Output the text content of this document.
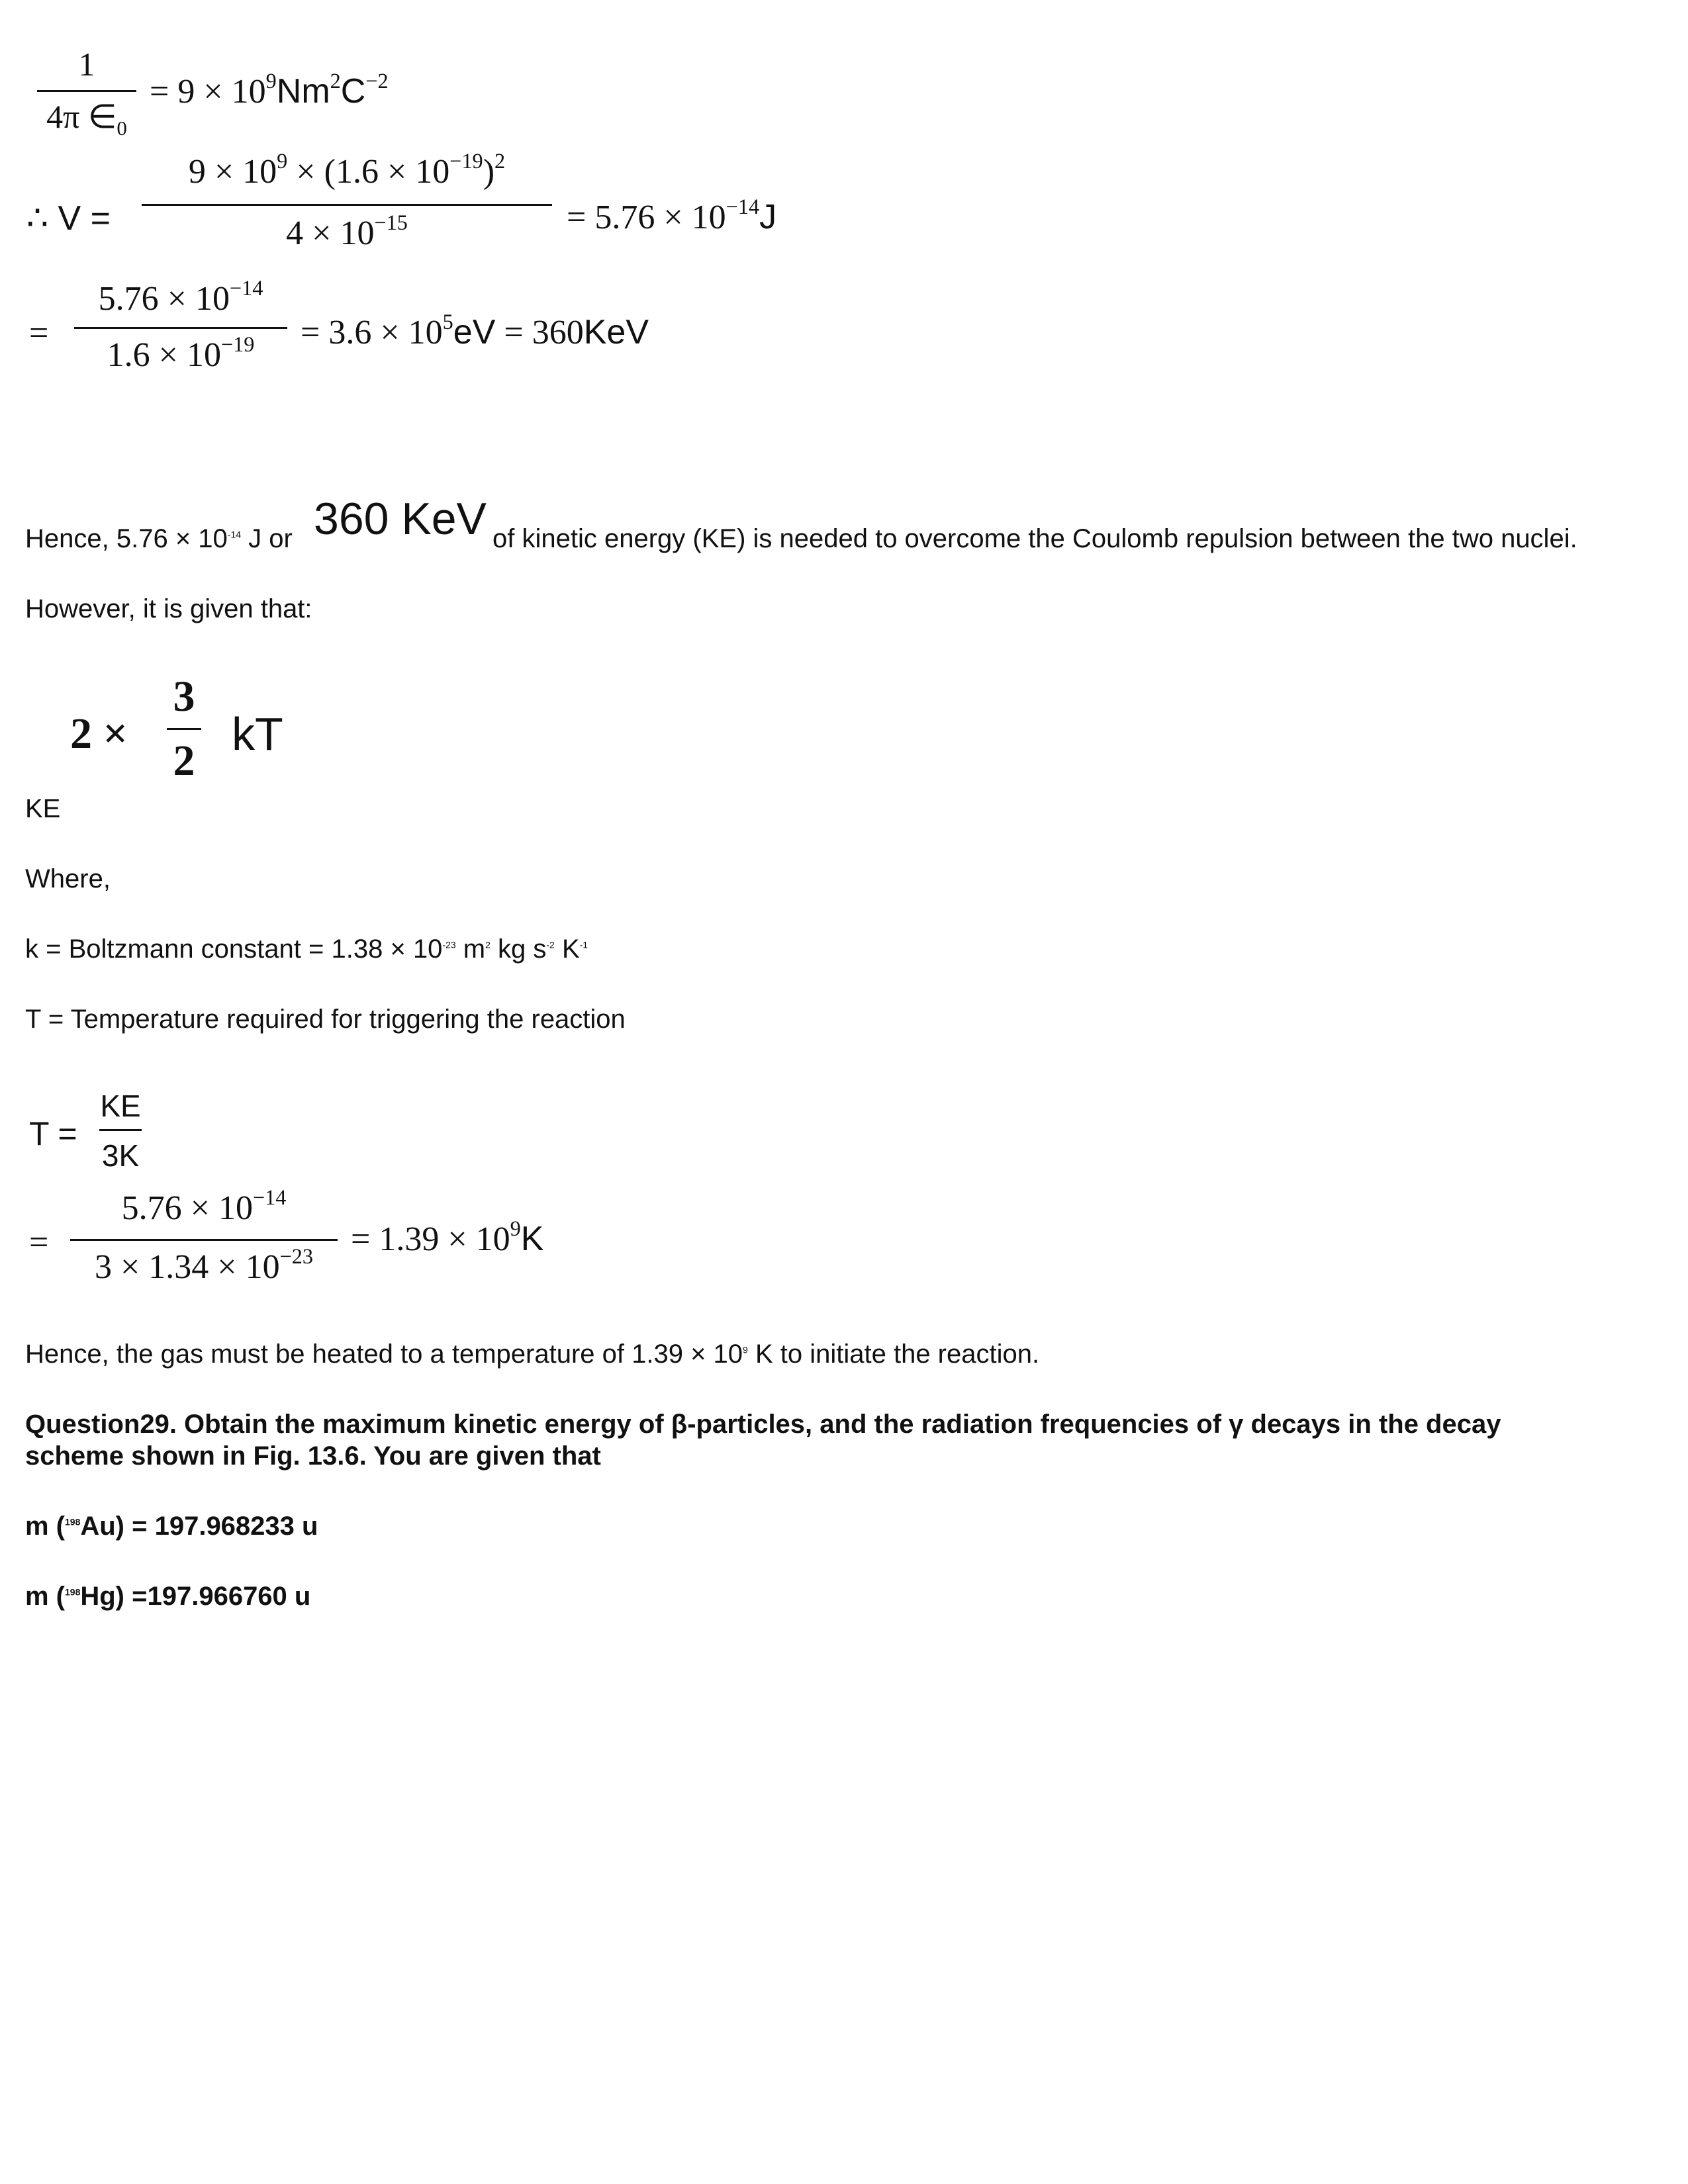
1
4π $\in_0$
= $9 \times 10^9Nm^2C^{-2}$
∴ V =
$9 \times 10^9 \times (1.6 \times 10^{-19})^2$
$4 \times 10^{-15}$	= $5.76 \times 10^{-14}J$
=
$5.76 \times 10^{-14}$
$1.6 \times 10^{-19} = 3.6 \times 10^5eV = 360KeV$
Hence, $5.76 \times 10^{-14}$ J or 360 KeV of kinetic energy (KE) is needed to overcome the Coulomb repulsion between the two nuclei.
However, it is given that:
2 ×
3
2
kT
KE
Where,
k = Boltzmann constant = $1.38 \times 10^{-23}$ $m^2$ kg $s^{-2}$ $K^{-1}$
T = Temperature required for triggering the reaction
T =
KE
3K
=
$5.76 \times 10^{-14}$
$3 \times 1.34 \times 10^{-23} = 1.39 \times 10^9K$
Hence, the gas must be heated to a temperature of $1.39 \times 10^9$ K to initiate the reaction.
Question29. Obtain the maximum kinetic energy of β-particles, and the radiation frequencies of γ decays in the decay
scheme shown in Fig. 13.6. You are given that
m ($^{198}$Au) = 197.968233 u
m ($^{198}$Hg) =197.966760 u
